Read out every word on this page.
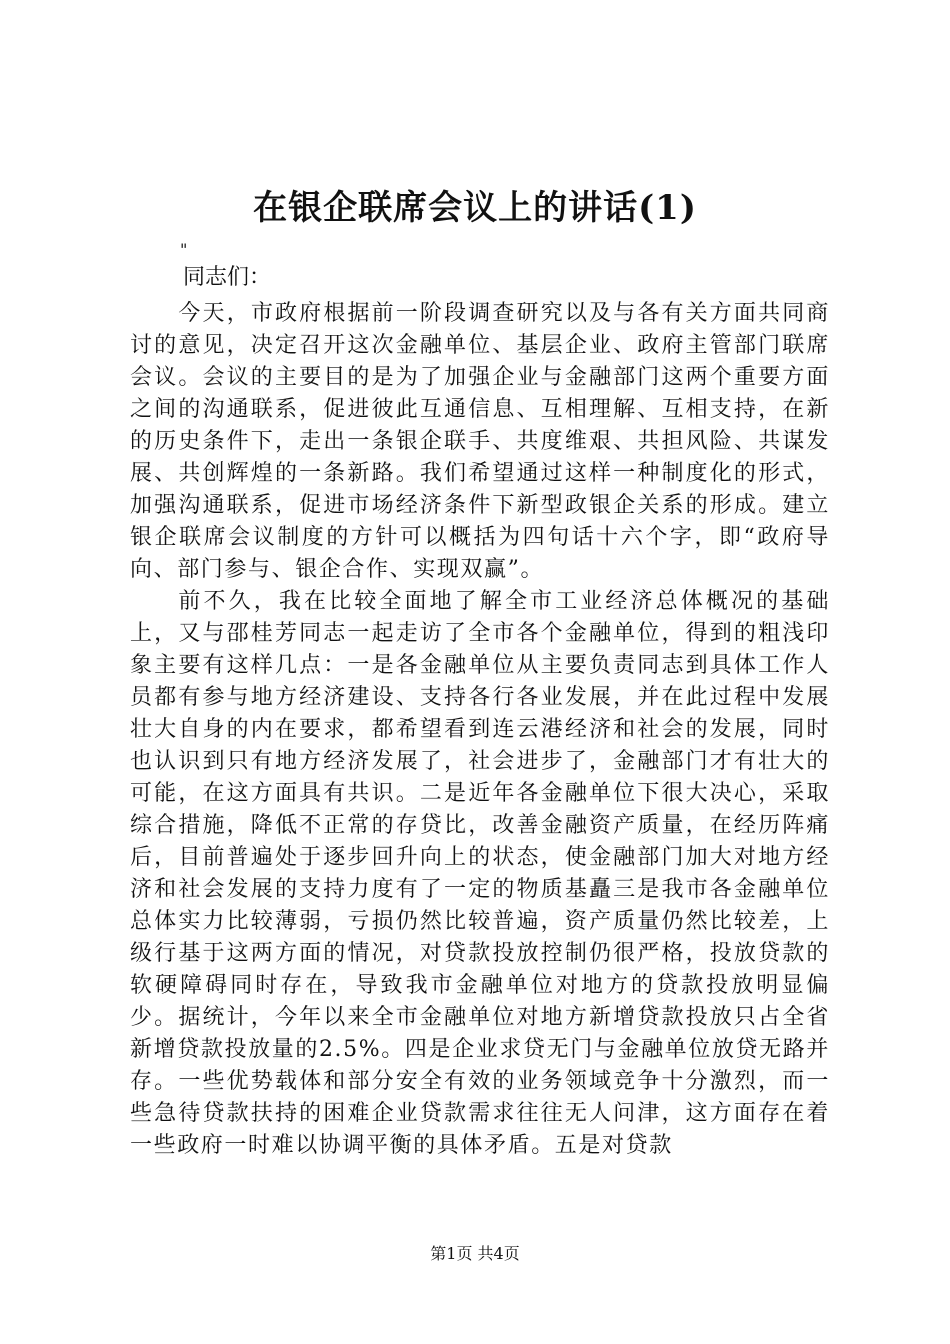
在银企联席会议上的讲话(1)
"

同志们：

今天，市政府根据前一阶段调查研究以及与各有关方面共同商讨的意见，决定召开这次金融单位、基层企业、政府主管部门联席会议。会议的主要目的是为了加强企业与金融部门这两个重要方面之间的沟通联系，促进彼此互通信息、互相理解、互相支持，在新的历史条件下，走出一条银企联手、共度维艰、共担风险、共谋发展、共创辉煌的一条新路。我们希望通过这样一种制度化的形式，加强沟通联系，促进市场经济条件下新型政银企关系的形成。建立银企联席会议制度的方针可以概括为四句话十六个字，即“政府导向、部门参与、银企合作、实现双赢”。

前不久，我在比较全面地了解全市工业经济总体概况的基础上，又与邵桂芳同志一起走访了全市各个金融单位，得到的粗浅印象主要有这样几点：一是各金融单位从主要负责同志到具体工作人员都有参与地方经济建设、支持各行各业发展，并在此过程中发展壮大自身的内在要求，都希望看到连云港经济和社会的发展，同时也认识到只有地方经济发展了，社会进步了，金融部门才有壮大的可能，在这方面具有共识。二是近年各金融单位下很大决心，采取综合措施，降低不正常的存贷比，改善金融资产质量，在经历阵痛后，目前普遍处于逐步回升向上的状态，使金融部门加大对地方经济和社会发展的支持力度有了一定的物质基矗三是我市各金融单位总体实力比较薄弱，亏损仍然比较普遍，资产质量仍然比较差，上级行基于这两方面的情况，对贷款投放控制仍很严格，投放贷款的软硬障碍同时存在，导致我市金融单位对地方的贷款投放明显偏少。据统计，今年以来全市金融单位对地方新增贷款投放只占全省新增贷款投放量的2.5%。四是企业求贷无门与金融单位放贷无路并存。一些优势载体和部分安全有效的业务领域竞争十分激烈，而一些急待贷款扶持的困难企业贷款需求往往无人问津，这方面存在着一些政府一时难以协调平衡的具体矛盾。五是对贷款

第1页 共4页
